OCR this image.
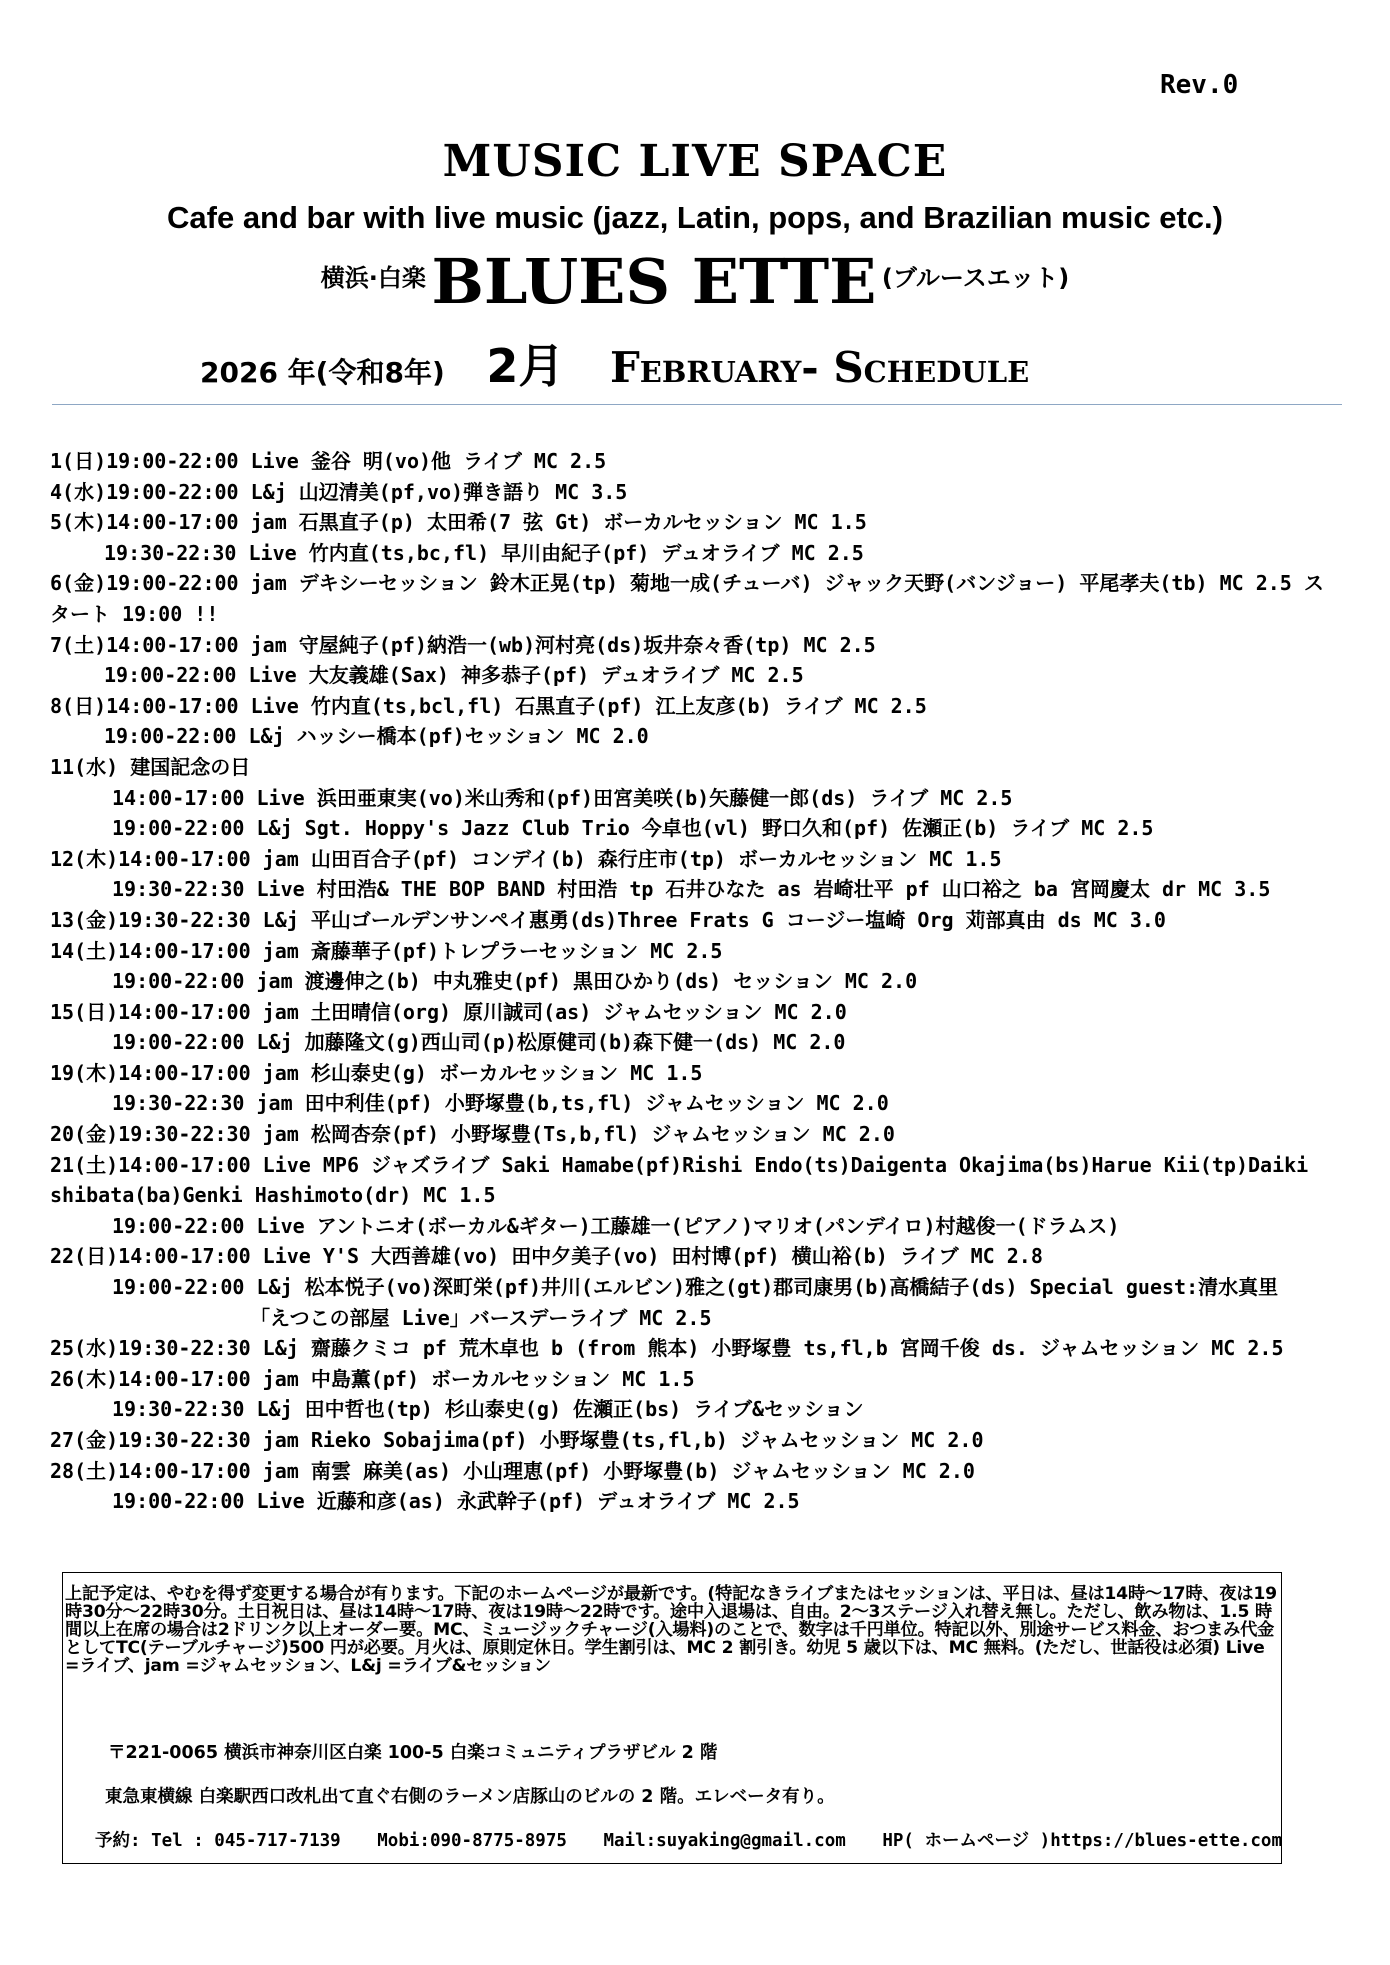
Rev.0
MUSIC LIVE SPACE
Cafe and bar with live music (jazz, Latin, pops, and Brazilian music etc.)
横浜·白楽 BLUES ETTE (ブルースエット)
2026 年(令和8年) 2月 February- Schedule
1(日)19:00-22:00 Live 釜谷 明(vo)他 ライブ MC 2.5
4(水)19:00-22:00 L&j 山辺清美(pf,vo)弾き語り MC 3.5
5(木)14:00-17:00 jam 石黒直子(p) 太田希(7 弦 Gt) ボーカルセッション MC 1.5
19:30-22:30 Live 竹内直(ts,bc,fl) 早川由紀子(pf) デュオライブ MC 2.5
6(金)19:00-22:00 jam デキシーセッション 鈴木正晃(tp) 菊地一成(チューバ) ジャック天野(バンジョー) 平尾孝夫(tb) MC 2.5 スタート 19:00 !!
7(土)14:00-17:00 jam 守屋純子(pf)納浩一(wb)河村亮(ds)坂井奈々香(tp) MC 2.5
19:00-22:00 Live 大友義雄(Sax) 神多恭子(pf) デュオライブ MC 2.5
8(日)14:00-17:00 Live 竹内直(ts,bcl,fl) 石黒直子(pf) 江上友彦(b) ライブ MC 2.5
19:00-22:00 L&j ハッシー橋本(pf)セッション MC 2.0
11(水) 建国記念の日
14:00-17:00 Live 浜田亜東実(vo)米山秀和(pf)田宮美咲(b)矢藤健一郎(ds) ライブ MC 2.5
19:00-22:00 L&j Sgt. Hoppy's Jazz Club Trio 今卓也(vl) 野口久和(pf) 佐瀬正(b) ライブ MC 2.5
12(木)14:00-17:00 jam 山田百合子(pf) コンデイ(b) 森行庄市(tp) ボーカルセッション MC 1.5
19:30-22:30 Live 村田浩& THE BOP BAND 村田浩 tp 石井ひなた as 岩崎壮平 pf 山口裕之 ba 宮岡慶太 dr MC 3.5
13(金)19:30-22:30 L&j 平山ゴールデンサンペイ惠勇(ds)Three Frats G コージー塩崎 Org 苅部真由 ds MC 3.0
14(土)14:00-17:00 jam 斎藤華子(pf)トレプラーセッション MC 2.5
19:00-22:00 jam 渡邊伸之(b) 中丸雅史(pf) 黒田ひかり(ds) セッション MC 2.0
15(日)14:00-17:00 jam 土田晴信(org) 原川誠司(as) ジャムセッション MC 2.0
19:00-22:00 L&j 加藤隆文(g)西山司(p)松原健司(b)森下健一(ds) MC 2.0
19(木)14:00-17:00 jam 杉山泰史(g) ボーカルセッション MC 1.5
19:30-22:30 jam 田中利佳(pf) 小野塚豊(b,ts,fl) ジャムセッション MC 2.0
20(金)19:30-22:30 jam 松岡杏奈(pf) 小野塚豊(Ts,b,fl) ジャムセッション MC 2.0
21(土)14:00-17:00 Live MP6 ジャズライブ Saki Hamabe(pf)Rishi Endo(ts)Daigenta Okajima(bs)Harue Kii(tp)Daiki shibata(ba)Genki Hashimoto(dr) MC 1.5
19:00-22:00 Live アントニオ(ボーカル&ギター)工藤雄一(ピアノ)マリオ(パンデイロ)村越俊一(ドラムス)
22(日)14:00-17:00 Live Y'S 大西善雄(vo) 田中夕美子(vo) 田村博(pf) 横山裕(b) ライブ MC 2.8
19:00-22:00 L&j 松本悦子(vo)深町栄(pf)井川(エルビン)雅之(gt)郡司康男(b)高橋結子(ds) Special guest:清水真里
「えつこの部屋 Live」バースデーライブ MC 2.5
25(水)19:30-22:30 L&j 齋藤クミコ pf 荒木卓也 b (from 熊本) 小野塚豊 ts,fl,b 宮岡千俊 ds. ジャムセッション MC 2.5
26(木)14:00-17:00 jam 中島薫(pf) ボーカルセッション MC 1.5
19:30-22:30 L&j 田中哲也(tp) 杉山泰史(g) 佐瀬正(bs) ライブ&セッション
27(金)19:30-22:30 jam Rieko Sobajima(pf) 小野塚豊(ts,fl,b) ジャムセッション MC 2.0
28(土)14:00-17:00 jam 南雲 麻美(as) 小山理恵(pf) 小野塚豊(b) ジャムセッション MC 2.0
19:00-22:00 Live 近藤和彦(as) 永武幹子(pf) デュオライブ MC 2.5
上記予定は、やむを得ず変更する場合が有ります。下記のホームページが最新です。(特記なきライブまたはセッションは、平日は、昼は14時〜17時、夜は19時30分〜22時30分。土日祝日は、昼は14時〜17時、夜は19時〜22時です。途中入退場は、自由。2〜3ステージ入れ替え無し。ただし、飲み物は、1.5 時間以上在席の場合は2ドリンク以上オーダー要。MC、ミュージックチャージ(入場料)のことで、数字は千円単位。特記以外、別途サービス料金、おつまみ代金としてTC(テーブルチャージ)500 円が必要。月火は、原則定休日。学生割引は、MC 2 割引き。幼児 5 歳以下は、MC 無料。(ただし、世話役は必須) Live =ライブ、jam =ジャムセッション、L&j =ライブ&セッション
〒221-0065 横浜市神奈川区白楽 100-5 白楽コミュニティプラザビル 2 階
東急東横線 白楽駅西口改札出て直ぐ右側のラーメン店豚山のビルの 2 階。エレベータ有り。
予約: Tel : 045-717-7139 Mobi:090-8775-8975 Mail:suyaking@gmail.com HP( ホームページ )https://blues-ette.com
